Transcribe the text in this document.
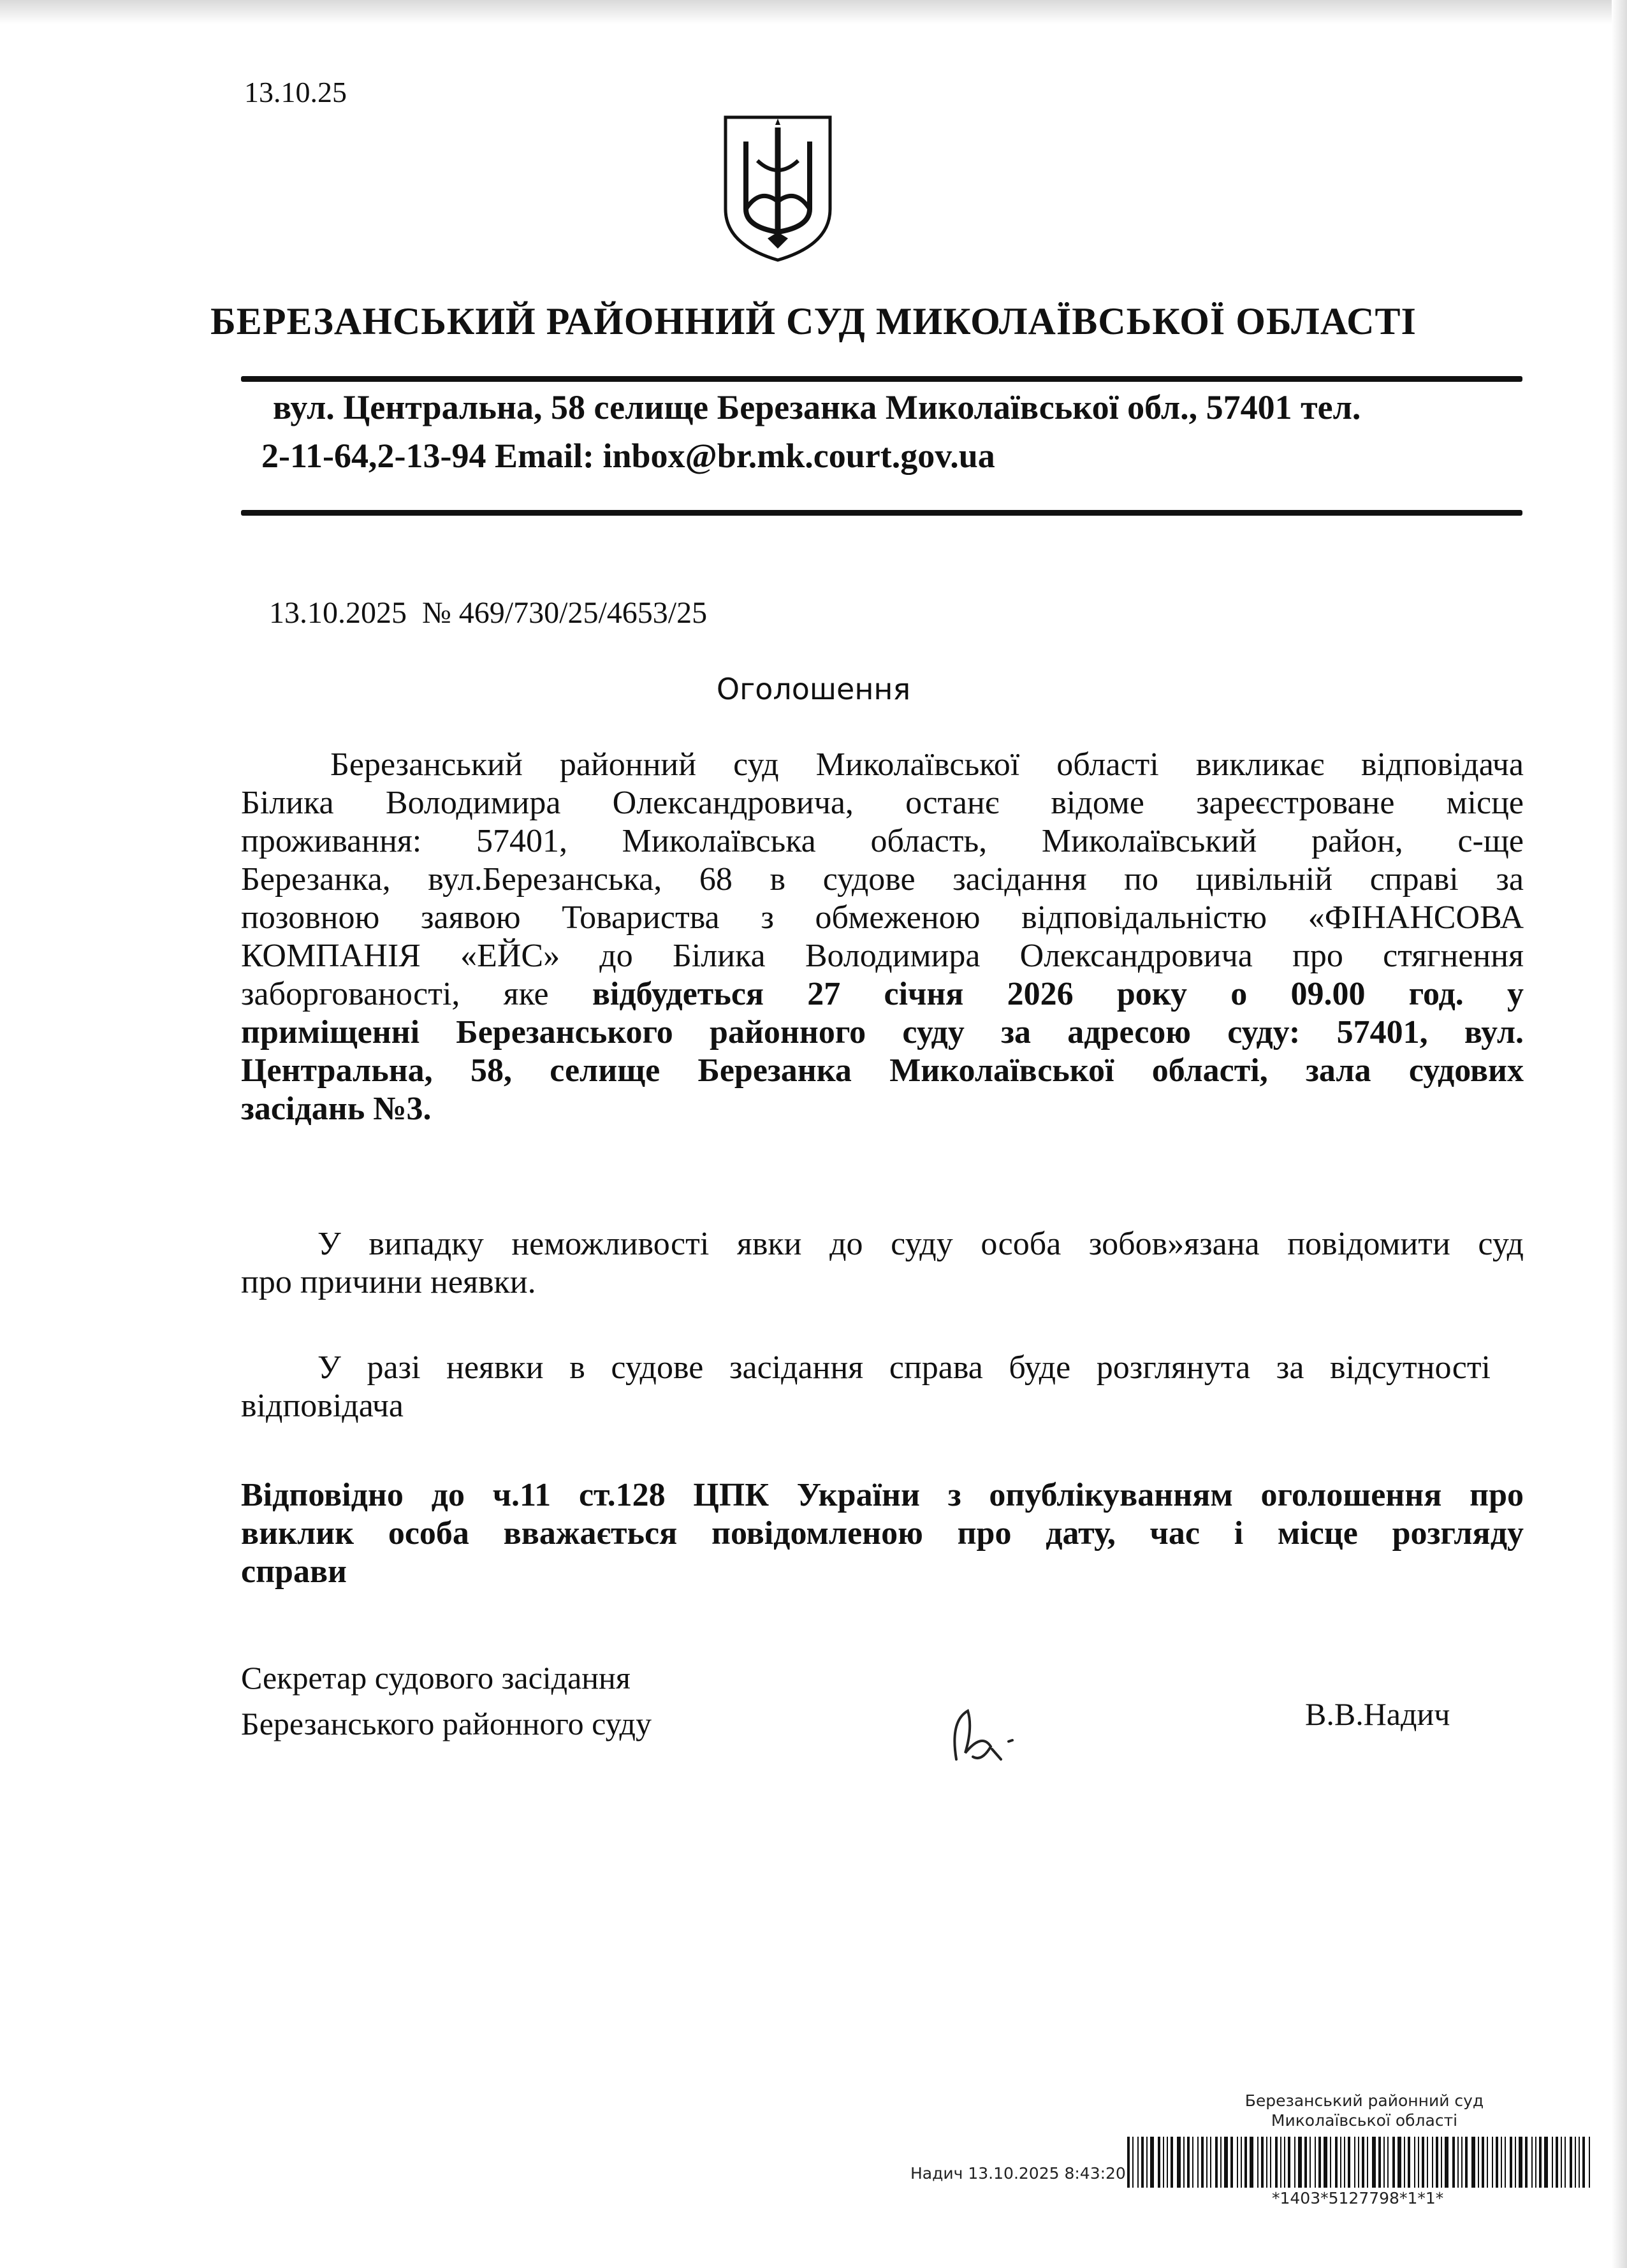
13.10.25
БЕРЕЗАНСЬКИЙ РАЙОННИЙ СУД МИКОЛАЇВСЬКОЇ ОБЛАСТІ
вул. Центральна, 58 селище Березанка Миколаївської обл., 57401 тел.
2-11-64,2-13-94 Email: inbox@br.mk.court.gov.ua
13.10.2025 № 469/730/25/4653/25
Оголошення
Березанський районний суд Миколаївської області викликає відповідача
Білика Володимира Олександровича, останє відоме зареєстроване місце
проживання: 57401, Миколаївська область, Миколаївський район, с-ще
Березанка, вул.Березанська, 68 в судове засідання по цивільній справі за
позовною заявою Товариства з обмеженою відповідальністю «ФІНАНСОВА
КОМПАНІЯ «ЕЙС» до Білика Володимира Олександровича про стягнення
заборгованості, яке відбудеться 27 січня 2026 року о 09.00 год. у
приміщенні Березанського районного суду за адресою суду: 57401, вул.
Центральна, 58, селище Березанка Миколаївської області, зала судових
засідань №3.
У випадку неможливості явки до суду особа зобов»язана повідомити суд
про причини неявки.
У разі неявки в судове засідання справа буде розглянута за відсутності
відповідача
Відповідно до ч.11 ст.128 ЦПК України з опублікуванням оголошення про
виклик особа вважається повідомленою про дату, час і місце розгляду
справи
Секретар судового засідання
Березанського районного суду	В.В.Надич
Березанський районний суд
Миколаївської області
Надич 13.10.2025 8:43:20
*1403*5127798*1*1*
